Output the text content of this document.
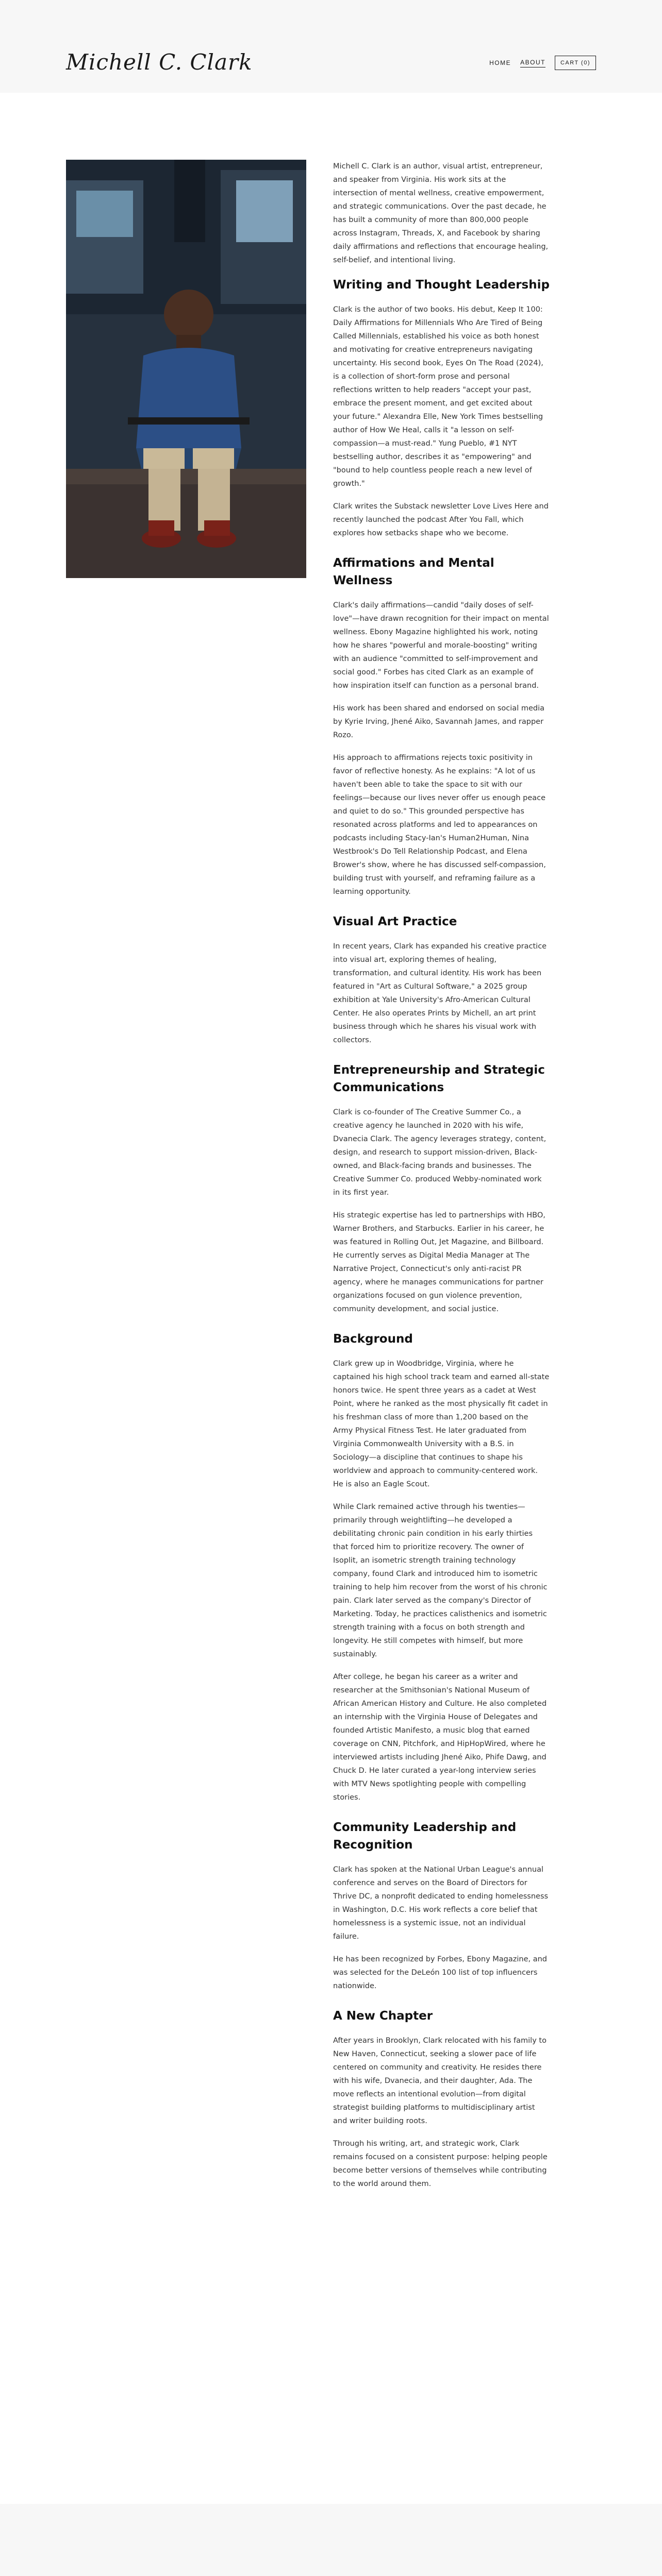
Michell C. Clark	HOME ABOUT	CART (0)

Michell C. Clark is an author, visual artist, entrepreneur, and speaker from Virginia. His work sits at the intersection of mental wellness, creative empowerment, and strategic communications. Over the past decade, he has built a community of more than 800,000 people across Instagram, Threads, X, and Facebook by sharing daily affirmations and reflections that encourage healing, self-belief, and intentional living.

Writing and Thought Leadership

Clark is the author of two books. His debut, Keep It 100: Daily Affirmations for Millennials Who Are Tired of Being Called Millennials, established his voice as both honest and motivating for creative entrepreneurs navigating uncertainty. His second book, Eyes On The Road (2024), is a collection of short-form prose and personal reflections written to help readers "accept your past, embrace the present moment, and get excited about your future." Alexandra Elle, New York Times bestselling author of How We Heal, calls it "a lesson on self-compassion—a must-read." Yung Pueblo, #1 NYT bestselling author, describes it as "empowering" and "bound to help countless people reach a new level of growth."

Clark writes the Substack newsletter Love Lives Here and recently launched the podcast After You Fall, which explores how setbacks shape who we become.

Affirmations and Mental Wellness

Clark's daily affirmations—candid "daily doses of self-love"—have drawn recognition for their impact on mental wellness. Ebony Magazine highlighted his work, noting how he shares "powerful and morale-boosting" writing with an audience "committed to self-improvement and social good." Forbes has cited Clark as an example of how inspiration itself can function as a personal brand.

His work has been shared and endorsed on social media by Kyrie Irving, Jhené Aiko, Savannah James, and rapper Rozo.

His approach to affirmations rejects toxic positivity in favor of reflective honesty. As he explains: "A lot of us haven't been able to take the space to sit with our feelings—because our lives never offer us enough peace and quiet to do so." This grounded perspective has resonated across platforms and led to appearances on podcasts including Stacy-Ian's Human2Human, Nina Westbrook's Do Tell Relationship Podcast, and Elena Brower's show, where he has discussed self-compassion, building trust with yourself, and reframing failure as a learning opportunity.

Visual Art Practice

In recent years, Clark has expanded his creative practice into visual art, exploring themes of healing, transformation, and cultural identity. His work has been featured in "Art as Cultural Software," a 2025 group exhibition at Yale University's Afro-American Cultural Center. He also operates Prints by Michell, an art print business through which he shares his visual work with collectors.

Entrepreneurship and Strategic Communications

Clark is co-founder of The Creative Summer Co., a creative agency he launched in 2020 with his wife, Dvanecia Clark. The agency leverages strategy, content, design, and research to support mission-driven, Black-owned, and Black-facing brands and businesses. The Creative Summer Co. produced Webby-nominated work in its first year.

His strategic expertise has led to partnerships with HBO, Warner Brothers, and Starbucks. Earlier in his career, he was featured in Rolling Out, Jet Magazine, and Billboard. He currently serves as Digital Media Manager at The Narrative Project, Connecticut's only anti-racist PR agency, where he manages communications for partner organizations focused on gun violence prevention, community development, and social justice.

Background

Clark grew up in Woodbridge, Virginia, where he captained his high school track team and earned all-state honors twice. He spent three years as a cadet at West Point, where he ranked as the most physically fit cadet in his freshman class of more than 1,200 based on the Army Physical Fitness Test. He later graduated from Virginia Commonwealth University with a B.S. in Sociology—a discipline that continues to shape his worldview and approach to community-centered work. He is also an Eagle Scout.

While Clark remained active through his twenties—primarily through weightlifting—he developed a debilitating chronic pain condition in his early thirties that forced him to prioritize recovery. The owner of Isoplit, an isometric strength training technology company, found Clark and introduced him to isometric training to help him recover from the worst of his chronic pain. Clark later served as the company's Director of Marketing. Today, he practices calisthenics and isometric strength training with a focus on both strength and longevity. He still competes with himself, but more sustainably.

After college, he began his career as a writer and researcher at the Smithsonian's National Museum of African American History and Culture. He also completed an internship with the Virginia House of Delegates and founded Artistic Manifesto, a music blog that earned coverage on CNN, Pitchfork, and HipHopWired, where he interviewed artists including Jhené Aiko, Phife Dawg, and Chuck D. He later curated a year-long interview series with MTV News spotlighting people with compelling stories.

Community Leadership and Recognition

Clark has spoken at the National Urban League's annual conference and serves on the Board of Directors for Thrive DC, a nonprofit dedicated to ending homelessness in Washington, D.C. His work reflects a core belief that homelessness is a systemic issue, not an individual failure.

He has been recognized by Forbes, Ebony Magazine, and was selected for the DeLeón 100 list of top influencers nationwide.

A New Chapter

After years in Brooklyn, Clark relocated with his family to New Haven, Connecticut, seeking a slower pace of life centered on community and creativity. He resides there with his wife, Dvanecia, and their daughter, Ada. The move reflects an intentional evolution—from digital strategist building platforms to multidisciplinary artist and writer building roots.

Through his writing, art, and strategic work, Clark remains focused on a consistent purpose: helping people become better versions of themselves while contributing to the world around them.
